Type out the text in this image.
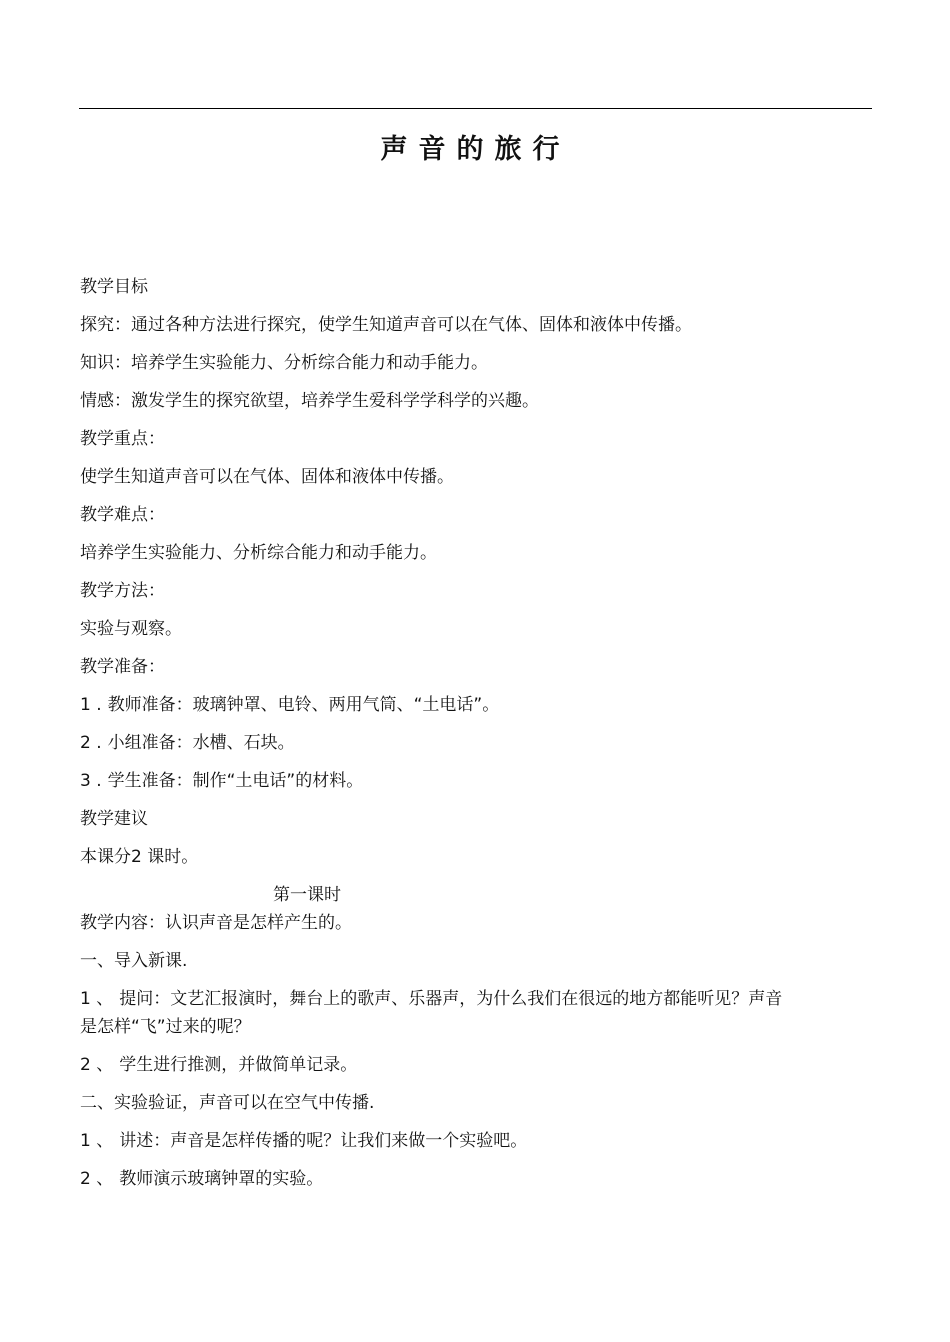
声音的旅行
教学目标
探究：通过各种方法进行探究，使学生知道声音可以在气体、固体和液体中传播。
知识：培养学生实验能力、分析综合能力和动手能力。
情感：激发学生的探究欲望，培养学生爱科学学科学的兴趣。
教学重点：
使学生知道声音可以在气体、固体和液体中传播。
教学难点：
培养学生实验能力、分析综合能力和动手能力。
教学方法：
实验与观察。
教学准备：
1 . 教师准备：玻璃钟罩、电铃、两用气筒、“土电话”。
2 . 小组准备：水槽、石块。
3 . 学生准备：制作“土电话”的材料。
教学建议
本课分2 课时。
第一课时
教学内容：认识声音是怎样产生的。
一、导入新课.
1 、 提问：文艺汇报演时，舞台上的歌声、乐器声，为什么我们在很远的地方都能听见？声音
是怎样“飞”过来的呢？
2 、 学生进行推测，并做简单记录。
二、实验验证，声音可以在空气中传播.
1 、 讲述：声音是怎样传播的呢？让我们来做一个实验吧。
2 、 教师演示玻璃钟罩的实验。
